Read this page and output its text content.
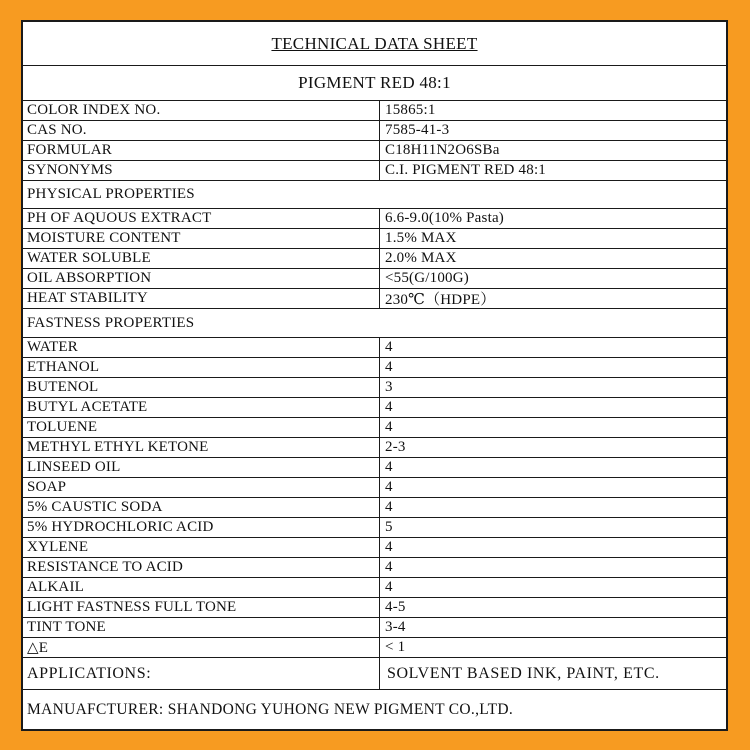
TECHNICAL DATA SHEET
PIGMENT RED 48:1
COLOR INDEX NO.	15865:1
CAS NO.	7585-41-3
FORMULAR	C18H11N2O6SBa
SYNONYMS	C.I. PIGMENT RED 48:1
PHYSICAL PROPERTIES
PH OF AQUOUS EXTRACT	6.6-9.0(10% Pasta)
MOISTURE CONTENT	1.5% MAX
WATER SOLUBLE	2.0% MAX
OIL ABSORPTION	<55(G/100G)
HEAT STABILITY	230℃（HDPE）
FASTNESS PROPERTIES
WATER	4
ETHANOL	4
BUTENOL	3
BUTYL ACETATE	4
TOLUENE	4
METHYL ETHYL KETONE	2-3
LINSEED OIL	4
SOAP	4
5% CAUSTIC SODA	4
5% HYDROCHLORIC ACID	5
XYLENE	4
RESISTANCE TO ACID	4
ALKAIL	4
LIGHT FASTNESS FULL TONE	4-5
TINT TONE	3-4
△E	< 1
APPLICATIONS:	SOLVENT BASED INK, PAINT, ETC.
MANUAFCTURER: SHANDONG YUHONG NEW PIGMENT CO.,LTD.
